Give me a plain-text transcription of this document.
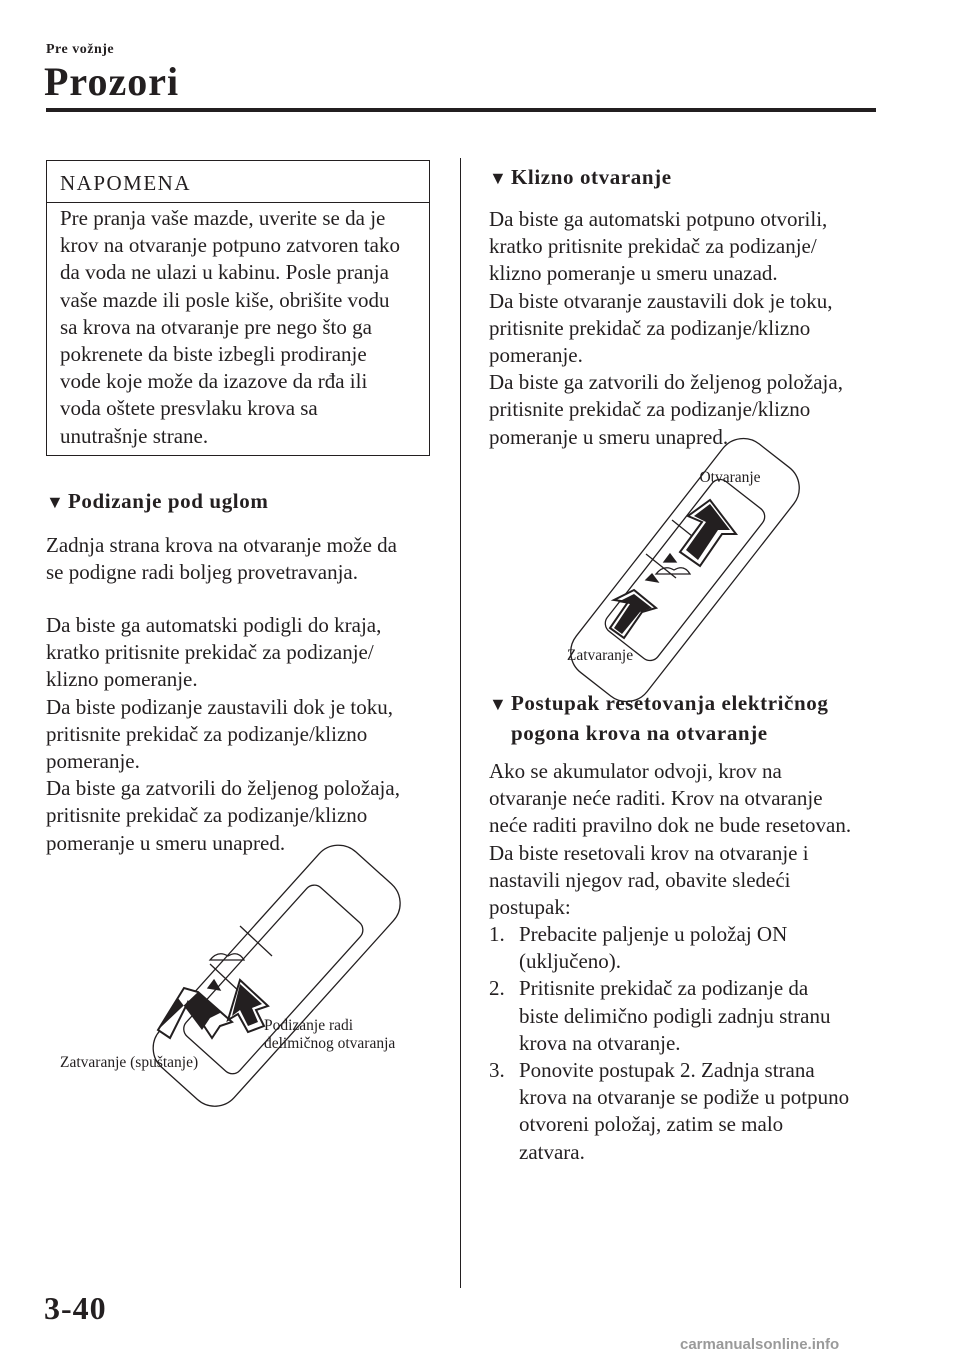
Pre vožnje
Prozori
NAPOMENA
Pre pranja vaše mazde, uverite se da je
krov na otvaranje potpuno zatvoren tako
da voda ne ulazi u kabinu. Posle pranja
vaše mazde ili posle kiše, obrišite vodu
sa krova na otvaranje pre nego što ga
pokrenete da biste izbegli prodiranje
vode koje može da izazove da rđa ili
voda oštete presvlaku krova sa
unutrašnje strane.
▼ Podizanje pod uglom
Zadnja strana krova na otvaranje može da
se podigne radi boljeg provetravanja.
Da biste ga automatski podigli do kraja,
kratko pritisnite prekidač za podizanje/
klizno pomeranje.
Da biste podizanje zaustavili dok je toku,
pritisnite prekidač za podizanje/klizno
pomeranje.
Da biste ga zatvorili do željenog položaja,
pritisnite prekidač za podizanje/klizno
pomeranje u smeru unapred.
Zatvaranje (spuštanje)
Podizanje radi
delimičnog otvaranja
▼ Klizno otvaranje
Da biste ga automatski potpuno otvorili,
kratko pritisnite prekidač za podizanje/
klizno pomeranje u smeru unazad.
Da biste otvaranje zaustavili dok je toku,
pritisnite prekidač za podizanje/klizno
pomeranje.
Da biste ga zatvorili do željenog položaja,
pritisnite prekidač za podizanje/klizno
pomeranje u smeru unapred.
Otvaranje
Zatvaranje
▼ Postupak resetovanja električnog
pogona krova na otvaranje
Ako se akumulator odvoji, krov na
otvaranje neće raditi. Krov na otvaranje
neće raditi pravilno dok ne bude resetovan.
Da biste resetovali krov na otvaranje i
nastavili njegov rad, obavite sledeći
postupak:
1. Prebacite paljenje u položaj ON
(uključeno).
2. Pritisnite prekidač za podizanje da
biste delimično podigli zadnju stranu
krova na otvaranje.
3. Ponovite postupak 2. Zadnja strana
krova na otvaranje se podiže u potpuno
otvoreni položaj, zatim se malo
zatvara.
3-40
carmanualsonline.info
